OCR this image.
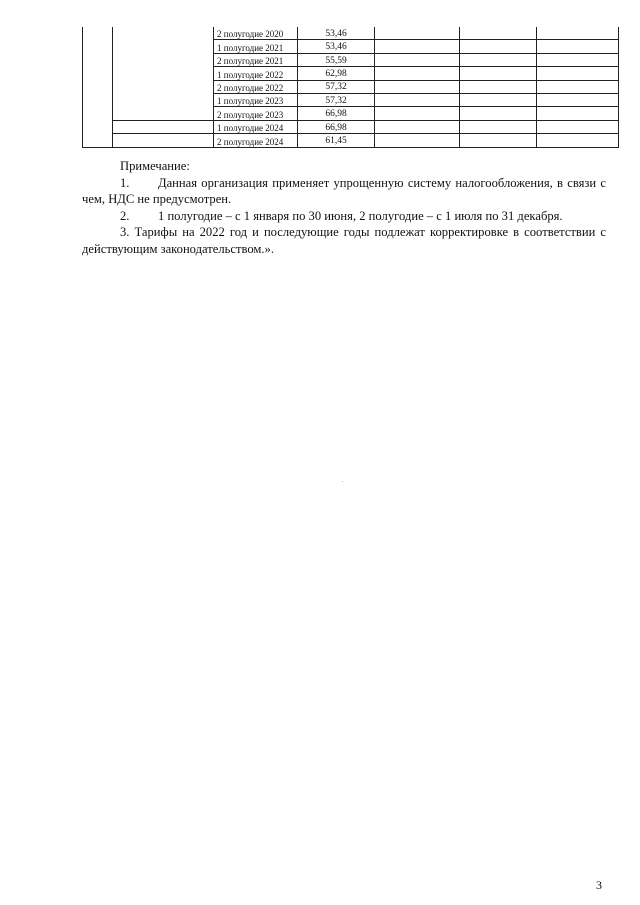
		2 полугодие 2020	53,46			
		1 полугодие 2021	53,46			
		2 полугодие 2021	55,59			
		1 полугодие 2022	62,98			
		2 полугодие 2022	57,32			
		1 полугодие 2023	57,32			
		2 полугодие 2023	66,98			
		1 полугодие 2024	66,98			
		2 полугодие 2024	61,45			

Примечание:

1. Данная организация применяет упрощенную систему налогообложения, в связи с чем, НДС не предусмотрен.

2. 1 полугодие – с 1 января по 30 июня, 2 полугодие – с 1 июля по 31 декабря.

3. Тарифы на 2022 год и последующие годы подлежат корректировке в соответствии с действующим законодательством.».

3
